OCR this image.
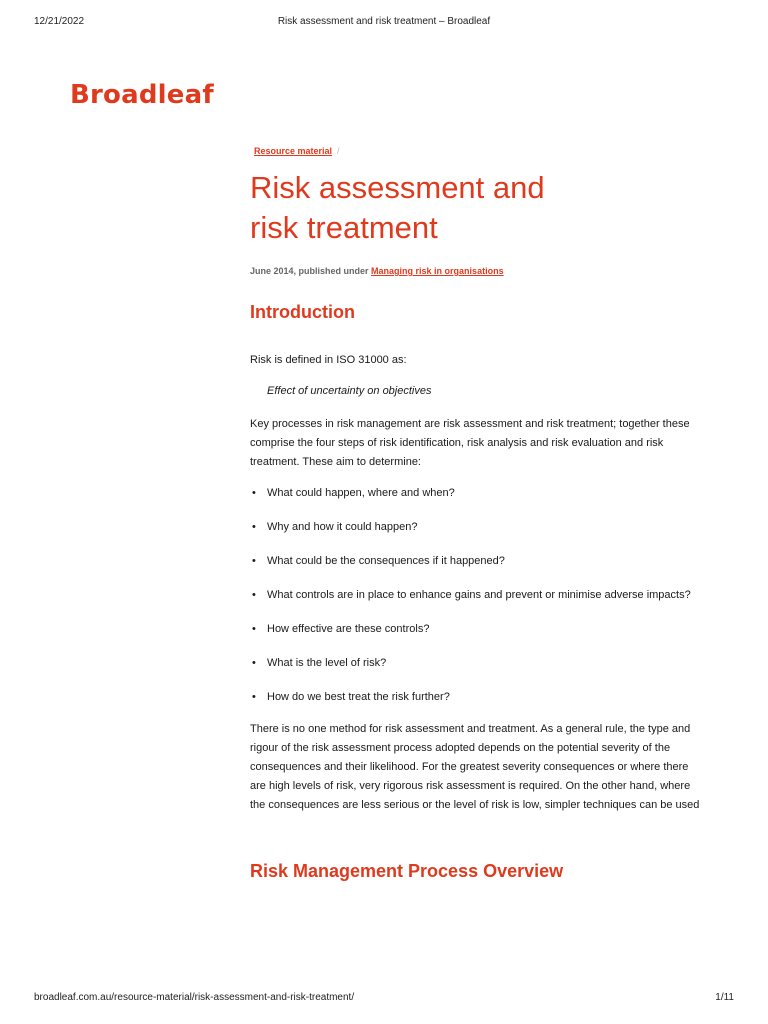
12/21/2022	Risk assessment and risk treatment – Broadleaf
Broadleaf
Resource material /
Risk assessment and
risk treatment
June 2014, published under Managing risk in organisations
Introduction

Risk is defined in ISO 31000 as:

Effect of uncertainty on objectives

Key processes in risk management are risk assessment and risk treatment; together these comprise the four steps of risk identification, risk analysis and risk evaluation and risk treatment. These aim to determine:

• What could happen, where and when?
• Why and how it could happen?
• What could be the consequences if it happened?
• What controls are in place to enhance gains and prevent or minimise adverse impacts?
• How effective are these controls?
• What is the level of risk?
• How do we best treat the risk further?

There is no one method for risk assessment and treatment. As a general rule, the type and rigour of the risk assessment process adopted depends on the potential severity of the consequences and their likelihood. For the greatest severity consequences or where there are high levels of risk, very rigorous risk assessment is required. On the other hand, where the consequences are less serious or the level of risk is low, simpler techniques can be used

Risk Management Process Overview
broadleaf.com.au/resource-material/risk-assessment-and-risk-treatment/	1/11
